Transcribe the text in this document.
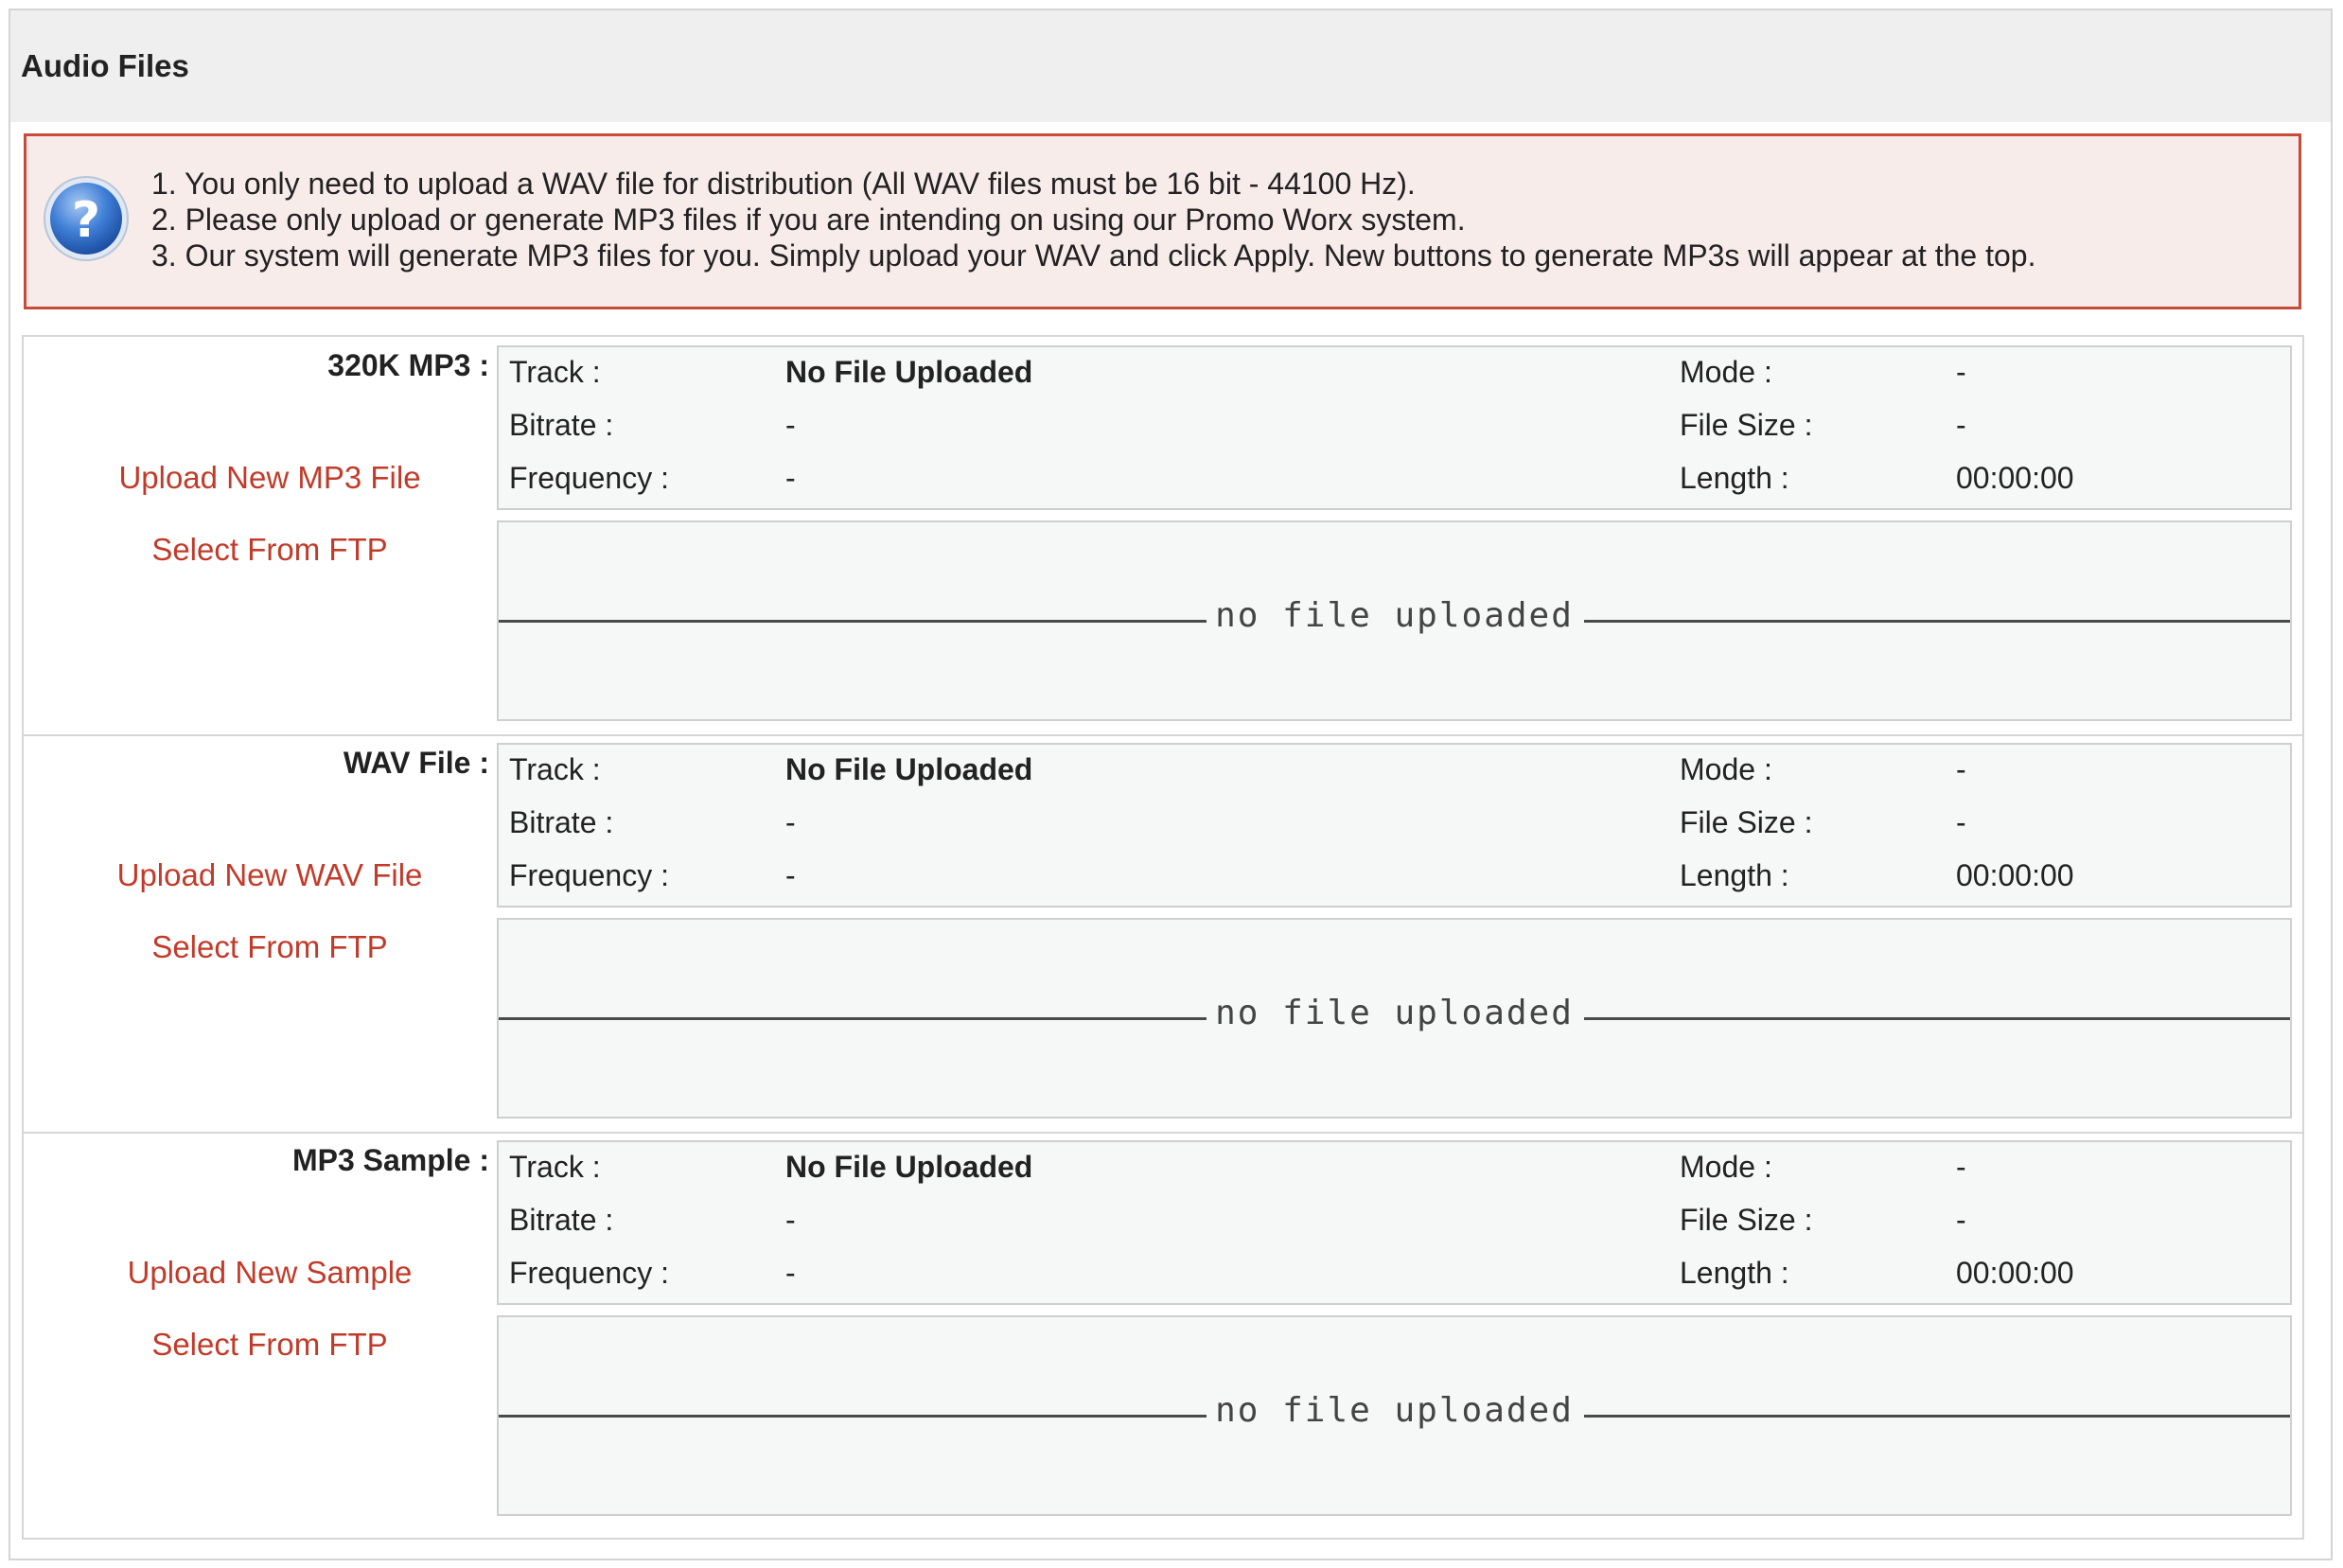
Audio Files
?
1. You only need to upload a WAV file for distribution (All WAV files must be 16 bit - 44100 Hz).
2. Please only upload or generate MP3 files if you are intending on using our Promo Worx system.
3. Our system will generate MP3 files for you. Simply upload your WAV and click Apply. New buttons to generate MP3s will appear at the top.
320K MP3 :
Upload New MP3 File
Select From FTP
Track :	No File Uploaded	Mode :	-
Bitrate :	-	File Size :	-
Frequency :	-	Length :	00:00:00
no file uploaded
WAV File :
Upload New WAV File
Select From FTP
Track :	No File Uploaded	Mode :	-
Bitrate :	-	File Size :	-
Frequency :	-	Length :	00:00:00
no file uploaded
MP3 Sample :
Upload New Sample
Select From FTP
Track :	No File Uploaded	Mode :	-
Bitrate :	-	File Size :	-
Frequency :	-	Length :	00:00:00
no file uploaded
